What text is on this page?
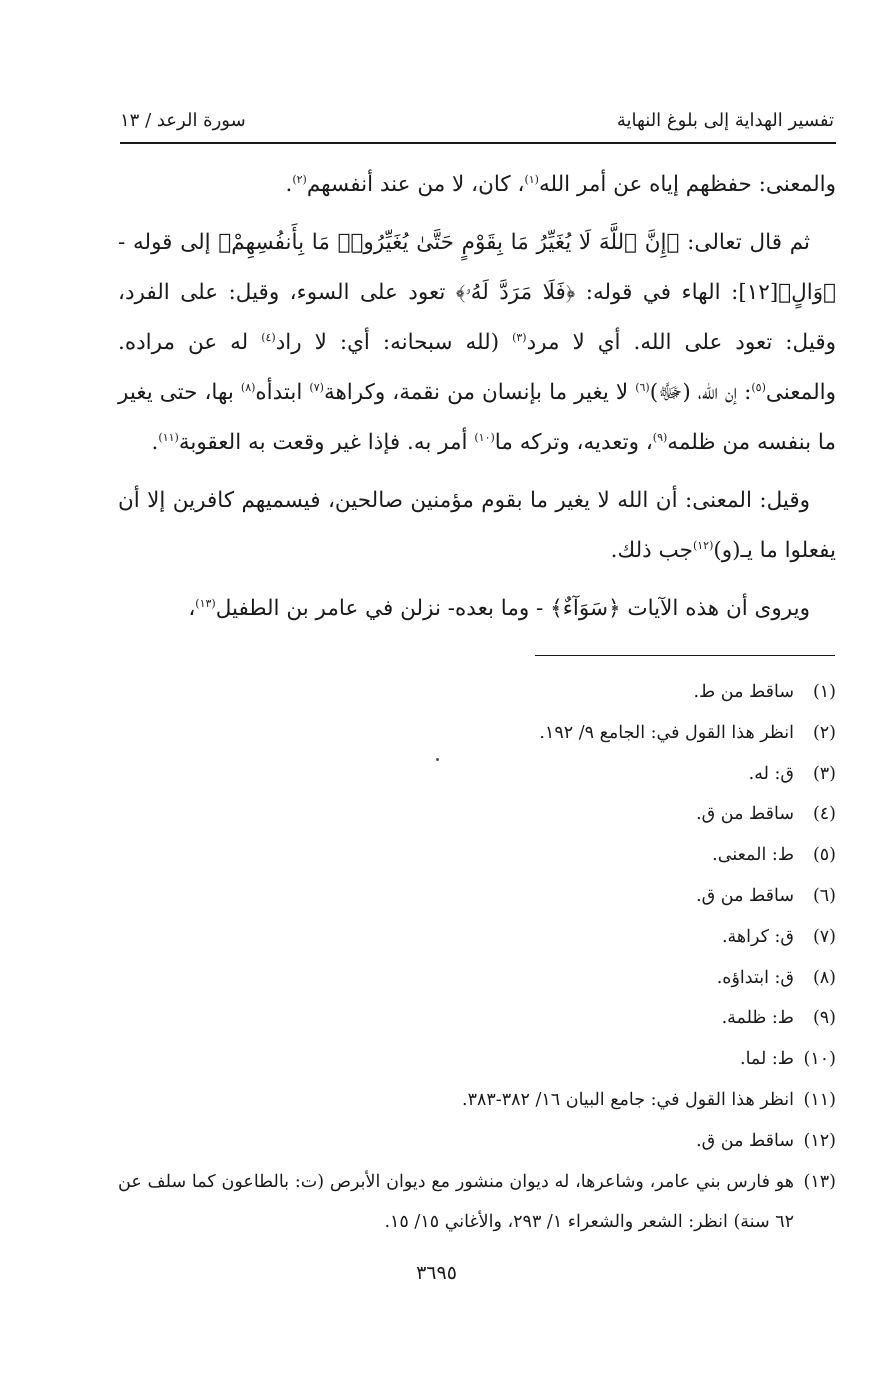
تفسير الهداية إلى بلوغ النهاية
سورة الرعد / ١٣

والمعنى: حفظهم إياه عن أمر الله$^{(١)}$، كان، لا من عند أنفسهم$^{(٢)}$.

ثم قال تعالى: ﴿إِنَّ ٱللَّهَ لَا يُغَيِّرُ مَا بِقَوْمٍ حَتَّىٰ يُغَيِّرُوا۟ مَا بِأَنفُسِهِمْ﴾ إلى قوله - ﴿وَالٍ﴾[١٢]: الهاء في قوله: ﴿فَلَا مَرَدَّ لَهُۥ﴾ تعود على السوء، وقيل: على الفرد، وقيل: تعود على الله. أي لا مرد$^{(٣)}$ (لله سبحانه: أي: لا راد$^{(٤)}$ له عن مراده. والمعنى$^{(٥)}$: إن الله، (ﷻ)$^{(٦)}$ لا يغير ما بإنسان من نقمة، وكراهة$^{(٧)}$ ابتدأه$^{(٨)}$ بها، حتى يغير ما بنفسه من ظلمه$^{(٩)}$، وتعديه، وتركه ما$^{(١٠)}$ أمر به. فإذا غير وقعت به العقوبة$^{(١١)}$.

وقيل: المعنى: أن الله لا يغير ما بقوم مؤمنين صالحين، فيسميهم كافرين إلا أن يفعلوا ما يـ(و)$^{(١٢)}$جب ذلك.

ويروى أن هذه الآيات ﴿سَوَآءٌ﴾ - وما بعده- نزلن في عامر بن الطفيل$^{(١٣)}$،

(١)
ساقط من ط.
(٢)
انظر هذا القول في: الجامع ٩/ ١٩٢.
(٣)
ق: له.
(٤)
ساقط من ق.
(٥)
ط: المعنى.
(٦)
ساقط من ق.
(٧)
ق: كراهة.
(٨)
ق: ابتداؤه.
(٩)
ط: ظلمة.
(١٠)
ط: لما.
(١١)
انظر هذا القول في: جامع البيان ١٦/ ٣٨٢-٣٨٣.
(١٢)
ساقط من ق.
(١٣)
هو فارس بني عامر، وشاعرها، له ديوان منشور مع ديوان الأبرص (ت: بالطاعون كما سلف عن ٦٢ سنة) انظر: الشعر والشعراء ١/ ٢٩٣، والأغاني ١٥/ ١٥.
٣٦٩٥
